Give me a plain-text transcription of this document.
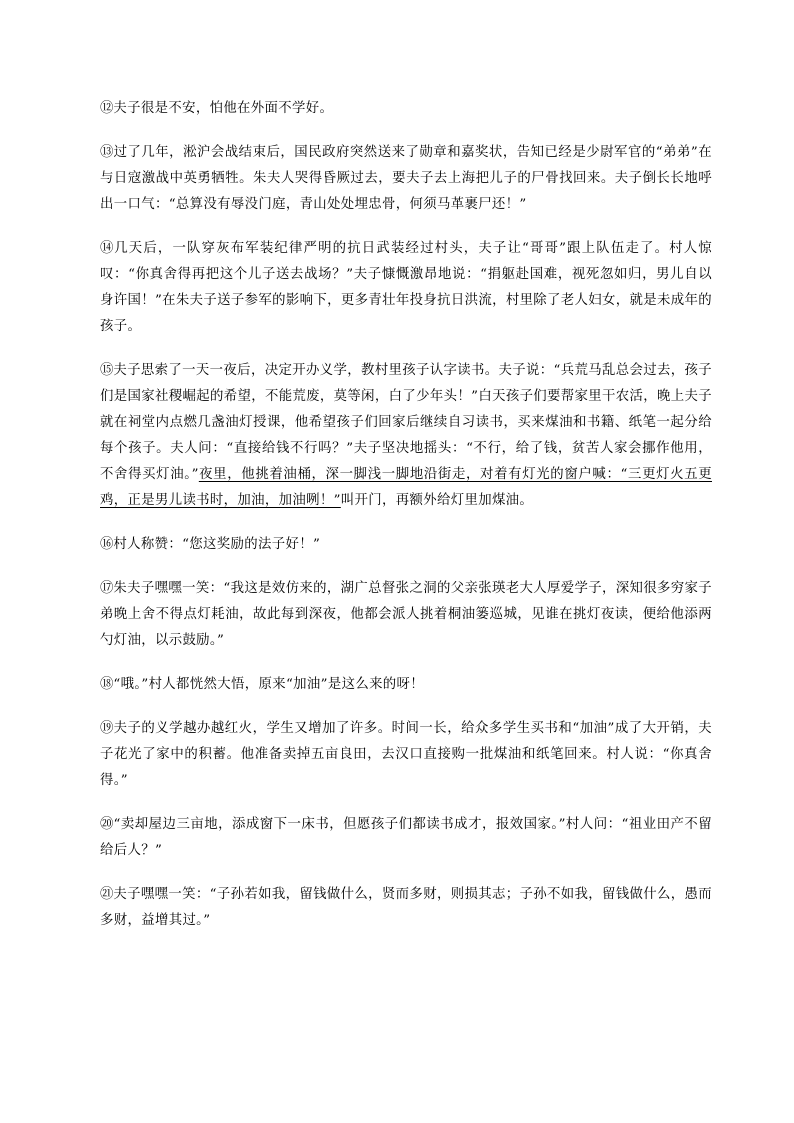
⑫夫子很是不安，怕他在外面不学好。

⑬过了几年，淞沪会战结束后，国民政府突然送来了勋章和嘉奖状，告知已经是少尉军官的“弟弟”在与日寇激战中英勇牺牲。朱夫人哭得昏厥过去，要夫子去上海把儿子的尸骨找回来。夫子倒长长地呼出一口气：“总算没有辱没门庭，青山处处埋忠骨，何须马革裹尸还！”

⑭几天后，一队穿灰布军装纪律严明的抗日武装经过村头，夫子让“哥哥”跟上队伍走了。村人惊叹：“你真舍得再把这个儿子送去战场？”夫子慷慨激昂地说：“捐躯赴国难，视死忽如归，男儿自以身许国！”在朱夫子送子参军的影响下，更多青壮年投身抗日洪流，村里除了老人妇女，就是未成年的孩子。

⑮夫子思索了一天一夜后，决定开办义学，教村里孩子认字读书。夫子说：“兵荒马乱总会过去，孩子们是国家社稷崛起的希望，不能荒废，莫等闲，白了少年头！”白天孩子们要帮家里干农活，晚上夫子就在祠堂内点燃几盏油灯授课，他希望孩子们回家后继续自习读书，买来煤油和书籍、纸笔一起分给每个孩子。夫人问：“直接给钱不行吗？”夫子坚决地摇头：“不行，给了钱，贫苦人家会挪作他用，不舍得买灯油。”夜里，他挑着油桶，深一脚浅一脚地沿街走，对着有灯光的窗户喊：“三更灯火五更鸡，正是男儿读书时，加油，加油咧！”叫开门，再额外给灯里加煤油。

⑯村人称赞：“您这奖励的法子好！”

⑰朱夫子嘿嘿一笑：“我这是效仿来的，湖广总督张之洞的父亲张瑛老大人厚爱学子，深知很多穷家子弟晚上舍不得点灯耗油，故此每到深夜，他都会派人挑着桐油篓巡城，见谁在挑灯夜读，便给他添两勺灯油，以示鼓励。”

⑱“哦。”村人都恍然大悟，原来“加油”是这么来的呀！

⑲夫子的义学越办越红火，学生又增加了许多。时间一长，给众多学生买书和“加油”成了大开销，夫子花光了家中的积蓄。他准备卖掉五亩良田，去汉口直接购一批煤油和纸笔回来。村人说：“你真舍得。”

⑳“卖却屋边三亩地，添成窗下一床书，但愿孩子们都读书成才，报效国家。”村人问：“祖业田产不留给后人？”

㉑夫子嘿嘿一笑：“子孙若如我，留钱做什么，贤而多财，则损其志；子孙不如我，留钱做什么，愚而多财，益增其过。”
